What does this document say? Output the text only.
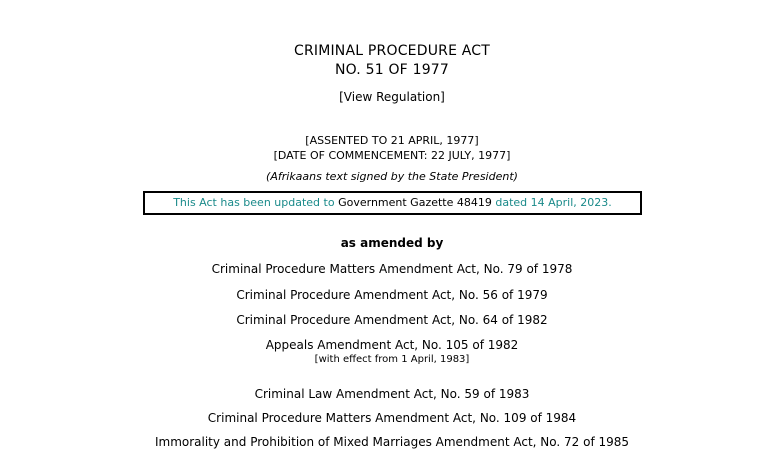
CRIMINAL PROCEDURE ACT
NO. 51 OF 1977
[View Regulation]
[ASSENTED TO 21 APRIL, 1977]
[DATE OF COMMENCEMENT: 22 JULY, 1977]
(Afrikaans text signed by the State President)
This Act has been updated to Government Gazette 48419 dated 14 April, 2023.
as amended by
Criminal Procedure Matters Amendment Act, No. 79 of 1978
Criminal Procedure Amendment Act, No. 56 of 1979
Criminal Procedure Amendment Act, No. 64 of 1982
Appeals Amendment Act, No. 105 of 1982
[with effect from 1 April, 1983]
Criminal Law Amendment Act, No. 59 of 1983
Criminal Procedure Matters Amendment Act, No. 109 of 1984
Immorality and Prohibition of Mixed Marriages Amendment Act, No. 72 of 1985
